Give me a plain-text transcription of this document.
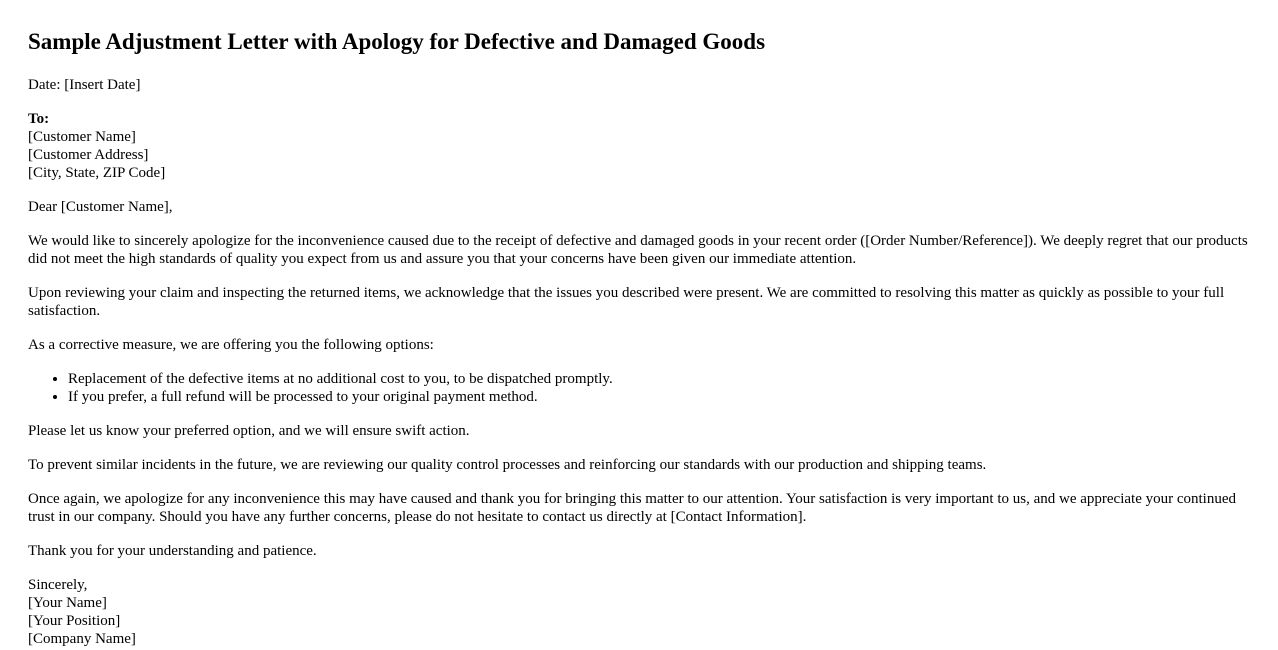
Sample Adjustment Letter with Apology for Defective and Damaged Goods

Date: [Insert Date]

To:
[Customer Name]
[Customer Address]
[City, State, ZIP Code]

Dear [Customer Name],

We would like to sincerely apologize for the inconvenience caused due to the receipt of defective and damaged goods in your recent order ([Order Number/Reference]). We deeply regret that our products did not meet the high standards of quality you expect from us and assure you that your concerns have been given our immediate attention.

Upon reviewing your claim and inspecting the returned items, we acknowledge that the issues you described were present. We are committed to resolving this matter as quickly as possible to your full satisfaction.

As a corrective measure, we are offering you the following options:

• Replacement of the defective items at no additional cost to you, to be dispatched promptly.
• If you prefer, a full refund will be processed to your original payment method.

Please let us know your preferred option, and we will ensure swift action.

To prevent similar incidents in the future, we are reviewing our quality control processes and reinforcing our standards with our production and shipping teams.

Once again, we apologize for any inconvenience this may have caused and thank you for bringing this matter to our attention. Your satisfaction is very important to us, and we appreciate your continued trust in our company. Should you have any further concerns, please do not hesitate to contact us directly at [Contact Information].

Thank you for your understanding and patience.

Sincerely,
[Your Name]
[Your Position]
[Company Name]
